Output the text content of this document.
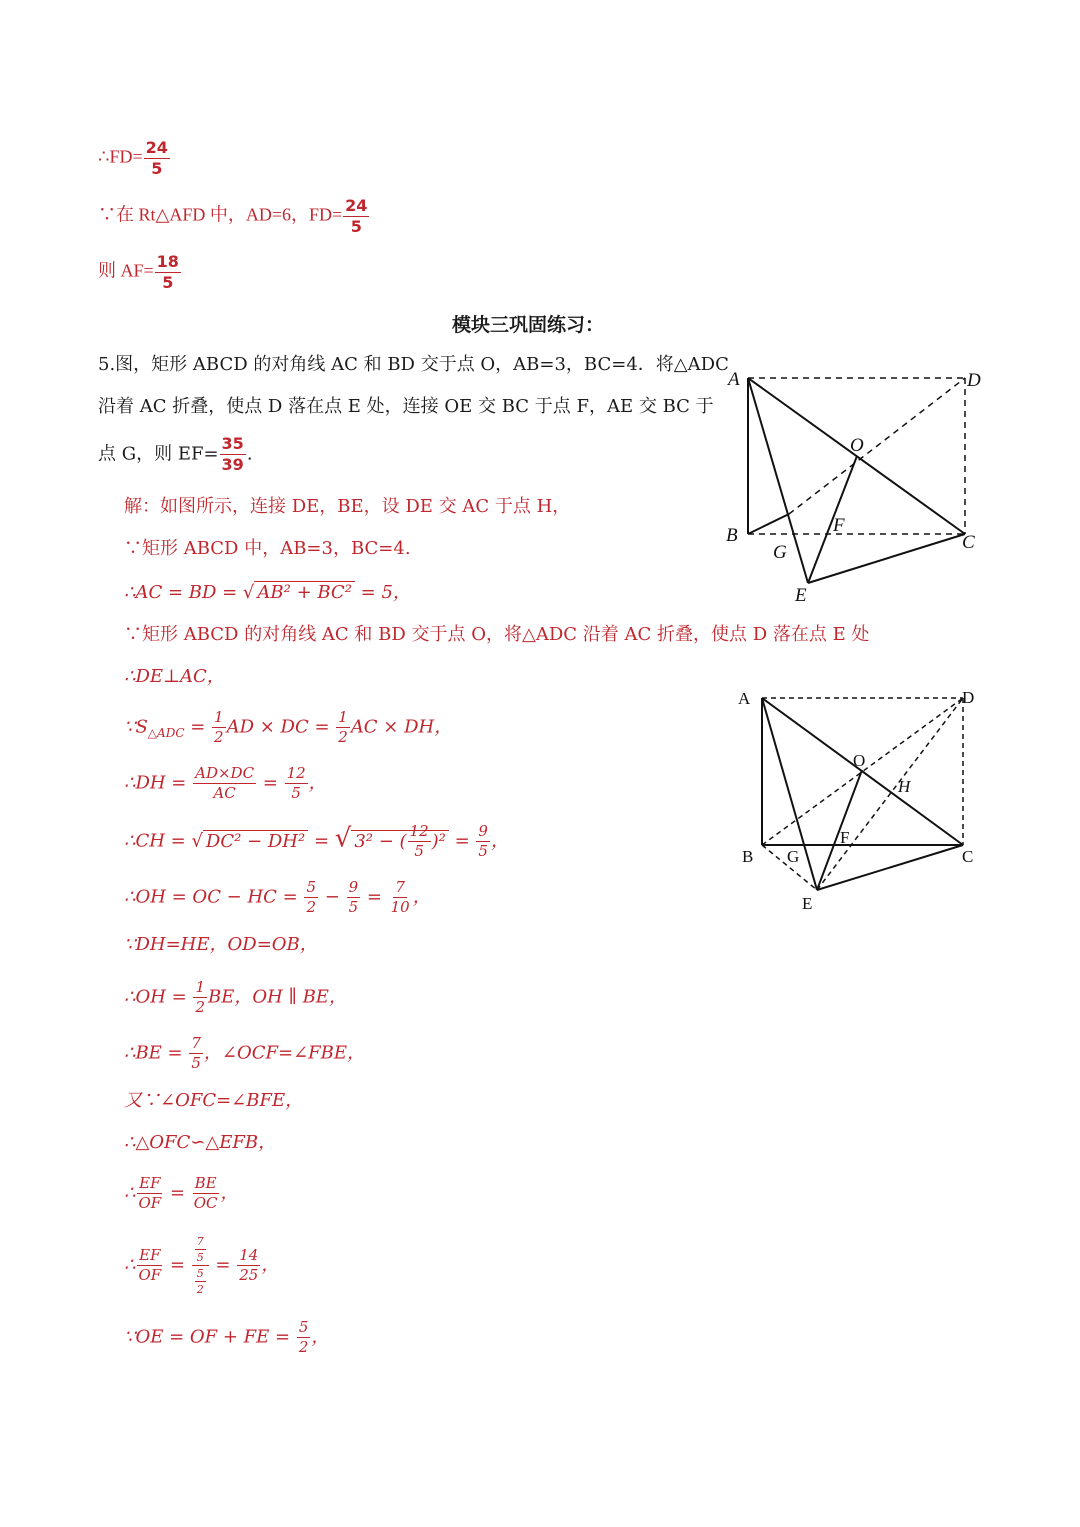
∴FD= $\frac{24}{5}$
∵在 Rt△AFD 中，AD=6，$FD= \frac{24}{5}$
则 $AF= \frac{18}{5}$
模块三巩固练习：
5.图，矩形 ABCD 的对角线 AC 和 BD 交于点 O，AB=3，BC=4．将△ADC
沿着 AC 折叠，使点 D 落在点 E 处，连接 OE 交 BC 于点 F，AE 交 BC 于
点 G，则 $EF= \frac{35}{39}$ .
解：如图所示，连接 DE，BE，设 DE 交 AC 于点 H，
∵矩形 ABCD 中，AB=3，BC=4.
∴AC = BD = √ AB² + BC² = 5，
∵矩形 ABCD 的对角线 AC 和 BD 交于点 O，将△ADC 沿着 AC 折叠，使点 D 落在点 E 处
∴DE⊥AC，
$\because S_{\triangle ADC} = \frac{1}{2}$ AD × DC = $\frac{1}{2}$ AC × DH，
∴DH = $\frac{AD\times DC}{AC} = \frac{12}{5}$ ，
∴CH = √ DC² − DH² = √ 3² − ( $\frac{12}{5} )^2 = \frac{9}{5}$ ，
∴OH = OC − HC = $\frac{5}{2} - \frac{9}{5} = \frac{7}{10}$ ，
∵DH=HE，OD=OB，
∴OH = $\frac{1}{2}$ BE，OH ∥ BE，
∴BE = $\frac{7}{5}$ ，∠OCF=∠FBE，
又∵∠OFC=∠BFE，
∴△OFC∽△EFB，
∴ $\frac{EF}{OF} = \frac{BE}{OC}$ ，
∴ $\frac{EF}{OF} = \frac{\frac{7}{5}}{\frac{5}{2}} = \frac{14}{25}$ ，
∵OE = OF + FE = $\frac{5}{2}$ ，
A	D
O
B
G
F
C
E
A	D
O
H
B G
F
C
E
